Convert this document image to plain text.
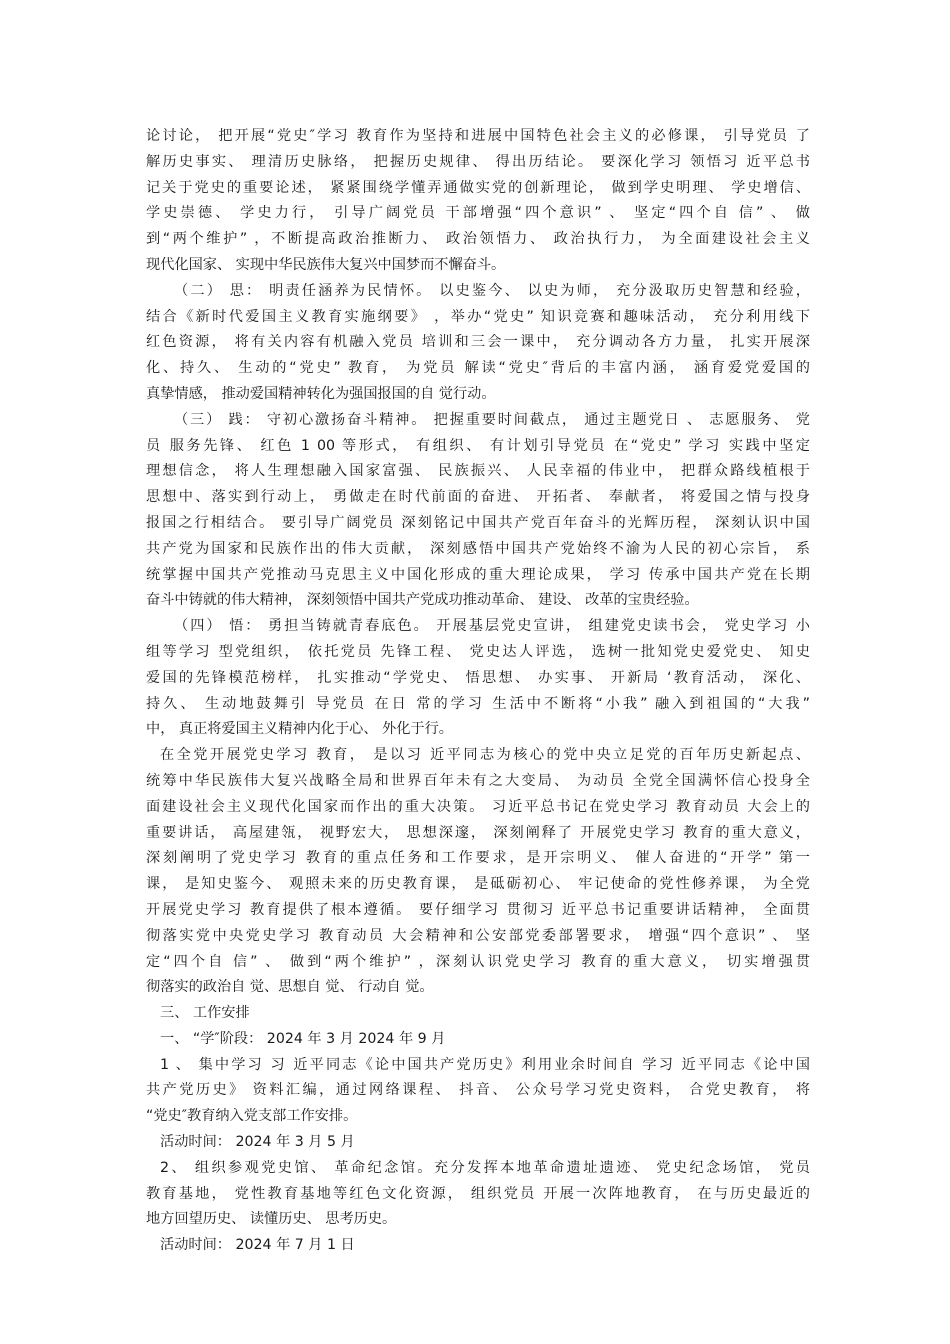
论讨论， 把开展“党史″学习 教育作为坚持和进展中国特色社会主义的必修课， 引导党员 了
解历史事实、 理清历史脉络， 把握历史规律、 得出历结论。 要深化学习 领悟习 近平总书
记关于党史的重要论述， 紧紧围绕学懂弄通做实党的创新理论， 做到学史明理、 学史增信、
学史崇德、 学史力行， 引导广阔党员 干部增强“四个意识” 、 坚定“四个自 信” 、 做
到“两个维护” ，不断提高政治推断力、 政治领悟力、 政治执行力， 为全面建设社会主义
现代化国家、 实现中华民族伟大复兴中国梦而不懈奋斗。
（二） 思： 明责任涵养为民情怀。 以史鉴今、 以史为师， 充分汲取历史智慧和经验，
结合《新时代爱国主义教育实施纲要》 ，举办“党史” 知识竞赛和趣味活动， 充分利用线下
红色资源， 将有关内容有机融入党员 培训和三会一课中， 充分调动各方力量， 扎实开展深
化、持久、 生动的“党史” 教育， 为党员 解读“党史″背后的丰富内涵， 涵育爱党爱国的
真挚情感， 推动爱国精神转化为强国报国的自 觉行动。
（三） 践： 守初心激扬奋斗精神。 把握重要时间截点， 通过主题党日 、 志愿服务、 党
员 服务先锋、 红色 1 00 等形式， 有组织、 有计划引导党员 在“党史” 学习 实践中坚定
理想信念， 将人生理想融入国家富强、 民族振兴、 人民幸福的伟业中， 把群众路线植根于
思想中、落实到行动上， 勇做走在时代前面的奋进、 开拓者、 奉献者， 将爱国之情与投身
报国之行相结合。 要引导广阔党员 深刻铭记中国共产党百年奋斗的光辉历程， 深刻认识中国
共产党为国家和民族作出的伟大贡献， 深刻感悟中国共产党始终不渝为人民的初心宗旨， 系
统掌握中国共产党推动马克思主义中国化形成的重大理论成果， 学习 传承中国共产党在长期
奋斗中铸就的伟大精神， 深刻领悟中国共产党成功推动革命、 建设、 改革的宝贵经验。
（四） 悟： 勇担当铸就青春底色。 开展基层党史宣讲， 组建党史读书会， 党史学习 小
组等学习 型党组织， 依托党员 先锋工程、 党史达人评选， 选树一批知党史爱党史、 知史
爱国的先锋模范榜样， 扎实推动“学党史、 悟思想、 办实事、 开新局 ‘教育活动， 深化、
持久、 生动地鼓舞引 导党员 在日 常的学习 生活中不断将“小我” 融入到祖国的“大我”
中， 真正将爱国主义精神内化于心、 外化于行。
在全党开展党史学习 教育， 是以习 近平同志为核心的党中央立足党的百年历史新起点、
统筹中华民族伟大复兴战略全局和世界百年未有之大变局、 为动员 全党全国满怀信心投身全
面建设社会主义现代化国家而作出的重大决策。 习近平总书记在党史学习 教育动员 大会上的
重要讲话， 高屋建瓴， 视野宏大， 思想深邃， 深刻阐释了 开展党史学习 教育的重大意义，
深刻阐明了党史学习 教育的重点任务和工作要求，是开宗明义、 催人奋进的“开学” 第一
课， 是知史鉴今、 观照未来的历史教育课， 是砥砺初心、 牢记使命的党性修养课， 为全党
开展党史学习 教育提供了根本遵循。 要仔细学习 贯彻习 近平总书记重要讲话精神， 全面贯
彻落实党中央党史学习 教育动员 大会精神和公安部党委部署要求， 增强“四个意识” 、 坚
定“四个自 信” 、 做到“两个维护” ，深刻认识党史学习 教育的重大意义， 切实增强贯
彻落实的政治自 觉、思想自 觉、 行动自 觉。
三、 工作安排
一、 “学″阶段： 2024 年 3 月 2024 年 9 月
1 、 集中学习 习 近平同志《论中国共产党历史》利用业余时间自 学习 近平同志《论中国
共产党历史》 资料汇编，通过网络课程、 抖音、 公众号学习党史资料， 合党史教育， 将
“党史″教育纳入党支部工作安排。
活动时间： 2024 年 3 月 5 月
2、 组织参观党史馆、 革命纪念馆。充分发挥本地革命遗址遗迹、 党史纪念场馆， 党员
教育基地， 党性教育基地等红色文化资源， 组织党员 开展一次阵地教育， 在与历史最近的
地方回望历史、 读懂历史、 思考历史。
活动时间： 2024 年 7 月 1 日
